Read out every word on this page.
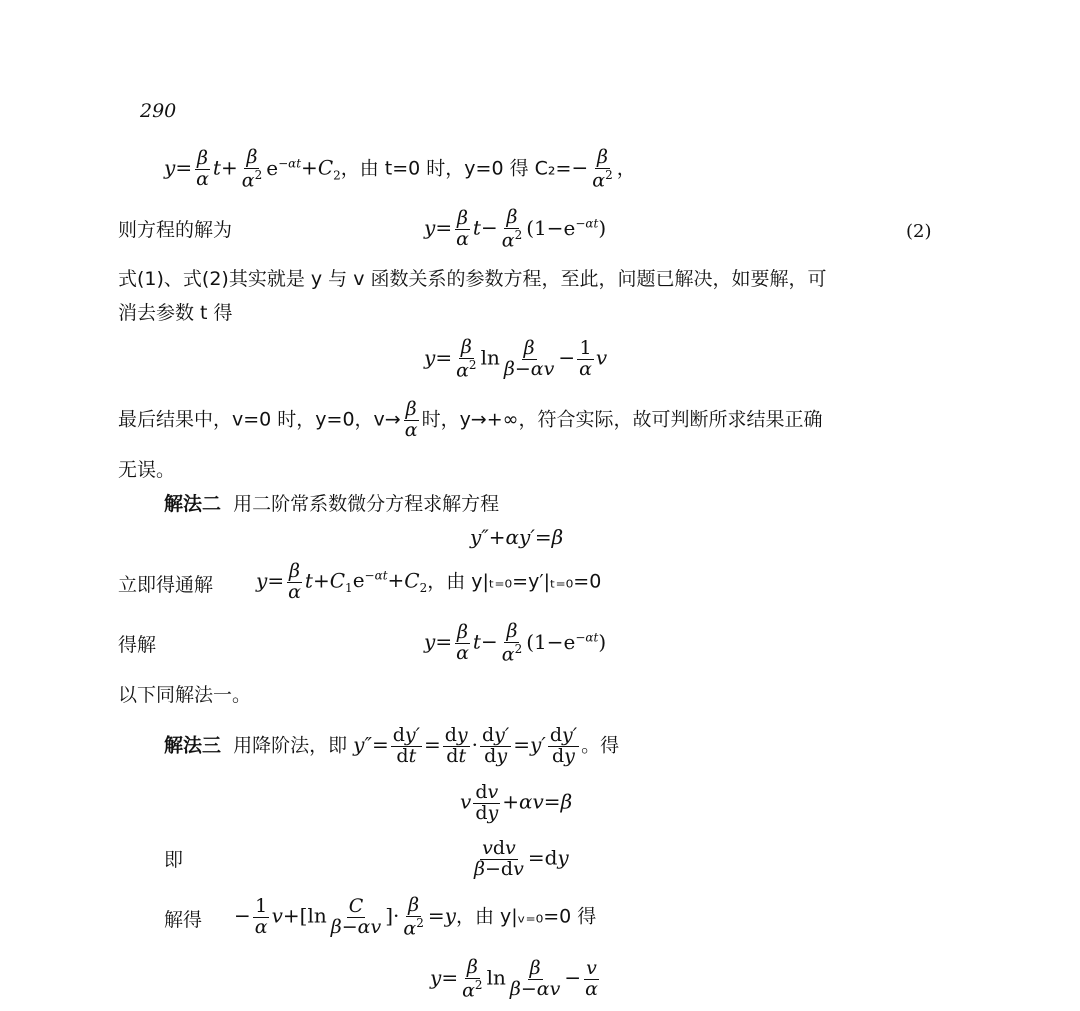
290
$y= \frac{\beta}{\alpha} t+ \frac{\beta}{\alpha^2} e^{-\alpha t}+C_2$，由 t=0 时，y=0 得 $C_2=- \frac{\beta}{\alpha^2}$ ，
则方程的解为	$y= \frac{\beta}{\alpha} t- \frac{\beta}{\alpha^2} (1-e^{-\alpha t})$	(2)
式(1)、式(2)其实就是 y 与 v 函数关系的参数方程，至此，问题已解决，如要解，可
消去参数 t 得
$y= \frac{\beta}{\alpha^2}$ $\ln \frac{\beta}{\beta-\alpha v} - \frac{1}{\alpha}$ v
最后结果中，v=0 时，y=0，$v\to \frac{\beta}{\alpha}$ 时，y→+∞，符合实际，故可判断所求结果正确
无误。
解法二 用二阶常系数微分方程求解方程
y″+αy′=β
立即得通解 $y= \frac{\beta}{\alpha} t+C_1e^{-\alpha t}+C_2$，由 y|ₜ₌₀=y′|ₜ₌₀=0
得解	$y= \frac{\beta}{\alpha} t- \frac{\beta}{\alpha^2} (1-e^{-\alpha t})$
以下同解法一。
解法三 用降阶法，即 $y''= \frac{dy'}{dt} = \frac{dy}{dt} \cdot \frac{dy'}{dy} =y' \frac{dy'}{dy}$ 。得
v $\frac{dv}{dy} +\alpha v=\beta$
即	$\frac{\text{vdv}}{\beta-dv} =dy$
解得 − $\frac{1}{\alpha} v+[\ln \frac{C}{\beta-\alpha v}$ ]· $\frac{\beta}{\alpha^2} =y$，由 y|ᵥ₌₀=0 得
$y= \frac{\beta}{\alpha^2}$ $\ln \frac{\beta}{\beta-\alpha v} - \frac{v}{\alpha}$
